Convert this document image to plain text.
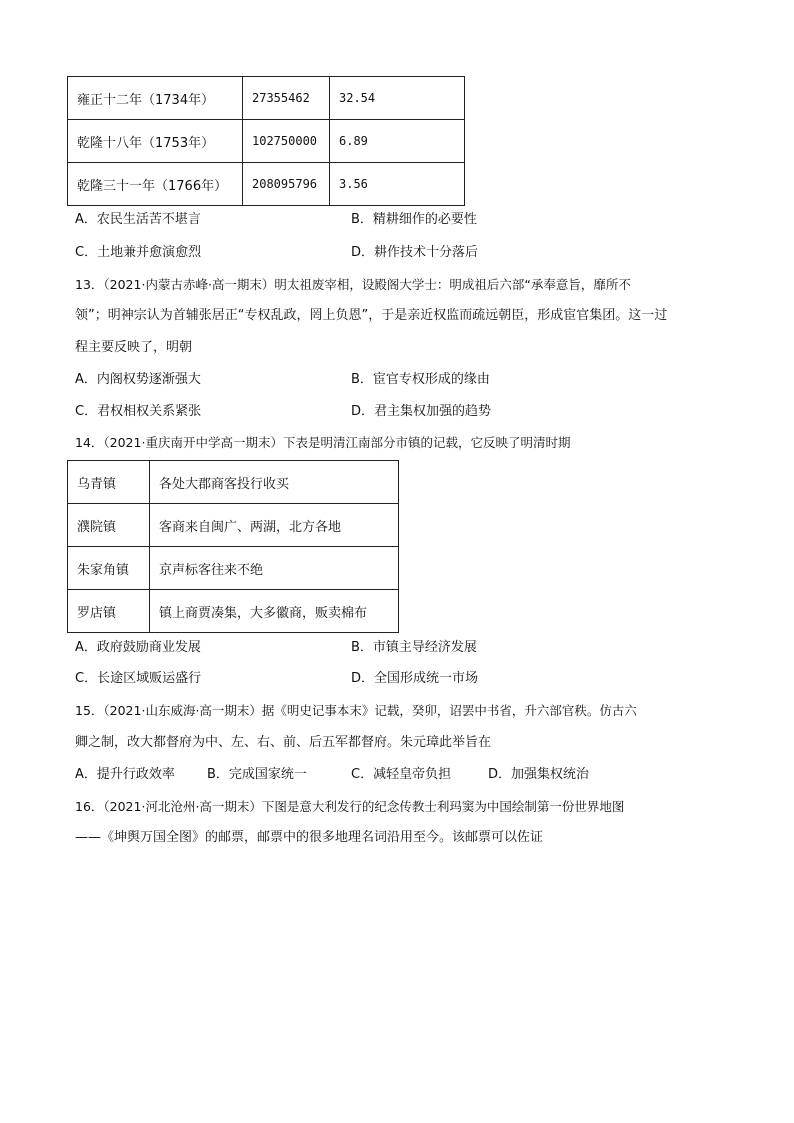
雍正十二年（1734年）	27355462	32.54
乾隆十八年（1753年）	102750000	6.89
乾隆三十一年（1766年）	208095796	3.56
A．农民生活苦不堪言	B．精耕细作的必要性
C．土地兼并愈演愈烈	D．耕作技术十分落后
13．（2021·内蒙古赤峰·高一期末）明太祖废宰相，设殿阁大学士：明成祖后六部“承奉意旨，靡所不
领”；明神宗认为首辅张居正“专权乱政，罔上负恩”，于是亲近权监而疏远朝臣，形成宦官集团。这一过
程主要反映了，明朝
A．内阁权势逐渐强大	B．宦官专权形成的缘由
C．君权相权关系紧张	D．君主集权加强的趋势
14．（2021·重庆南开中学高一期末）下表是明清江南部分市镇的记载，它反映了明清时期
乌青镇	各处大郡商客投行收买
濮院镇	客商来自闽广、两湖，北方各地
朱家角镇	京声标客往来不绝
罗店镇	镇上商贾凑集，大多徽商，贩卖棉布
A．政府鼓励商业发展	B．市镇主导经济发展
C．长途区域贩运盛行	D．全国形成统一市场
15．（2021·山东威海·高一期末）据《明史记事本末》记载，癸卯，诏罢中书省，升六部官秩。仿古六
卿之制，改大都督府为中、左、右、前、后五军都督府。朱元璋此举旨在
A．提升行政效率 B．完成国家统一	C．减轻皇帝负担	D．加强集权统治
16．（2021·河北沧州·高一期末）下图是意大利发行的纪念传教士利玛窦为中国绘制第一份世界地图
——《坤舆万国全图》的邮票，邮票中的很多地理名词沿用至今。该邮票可以佐证
